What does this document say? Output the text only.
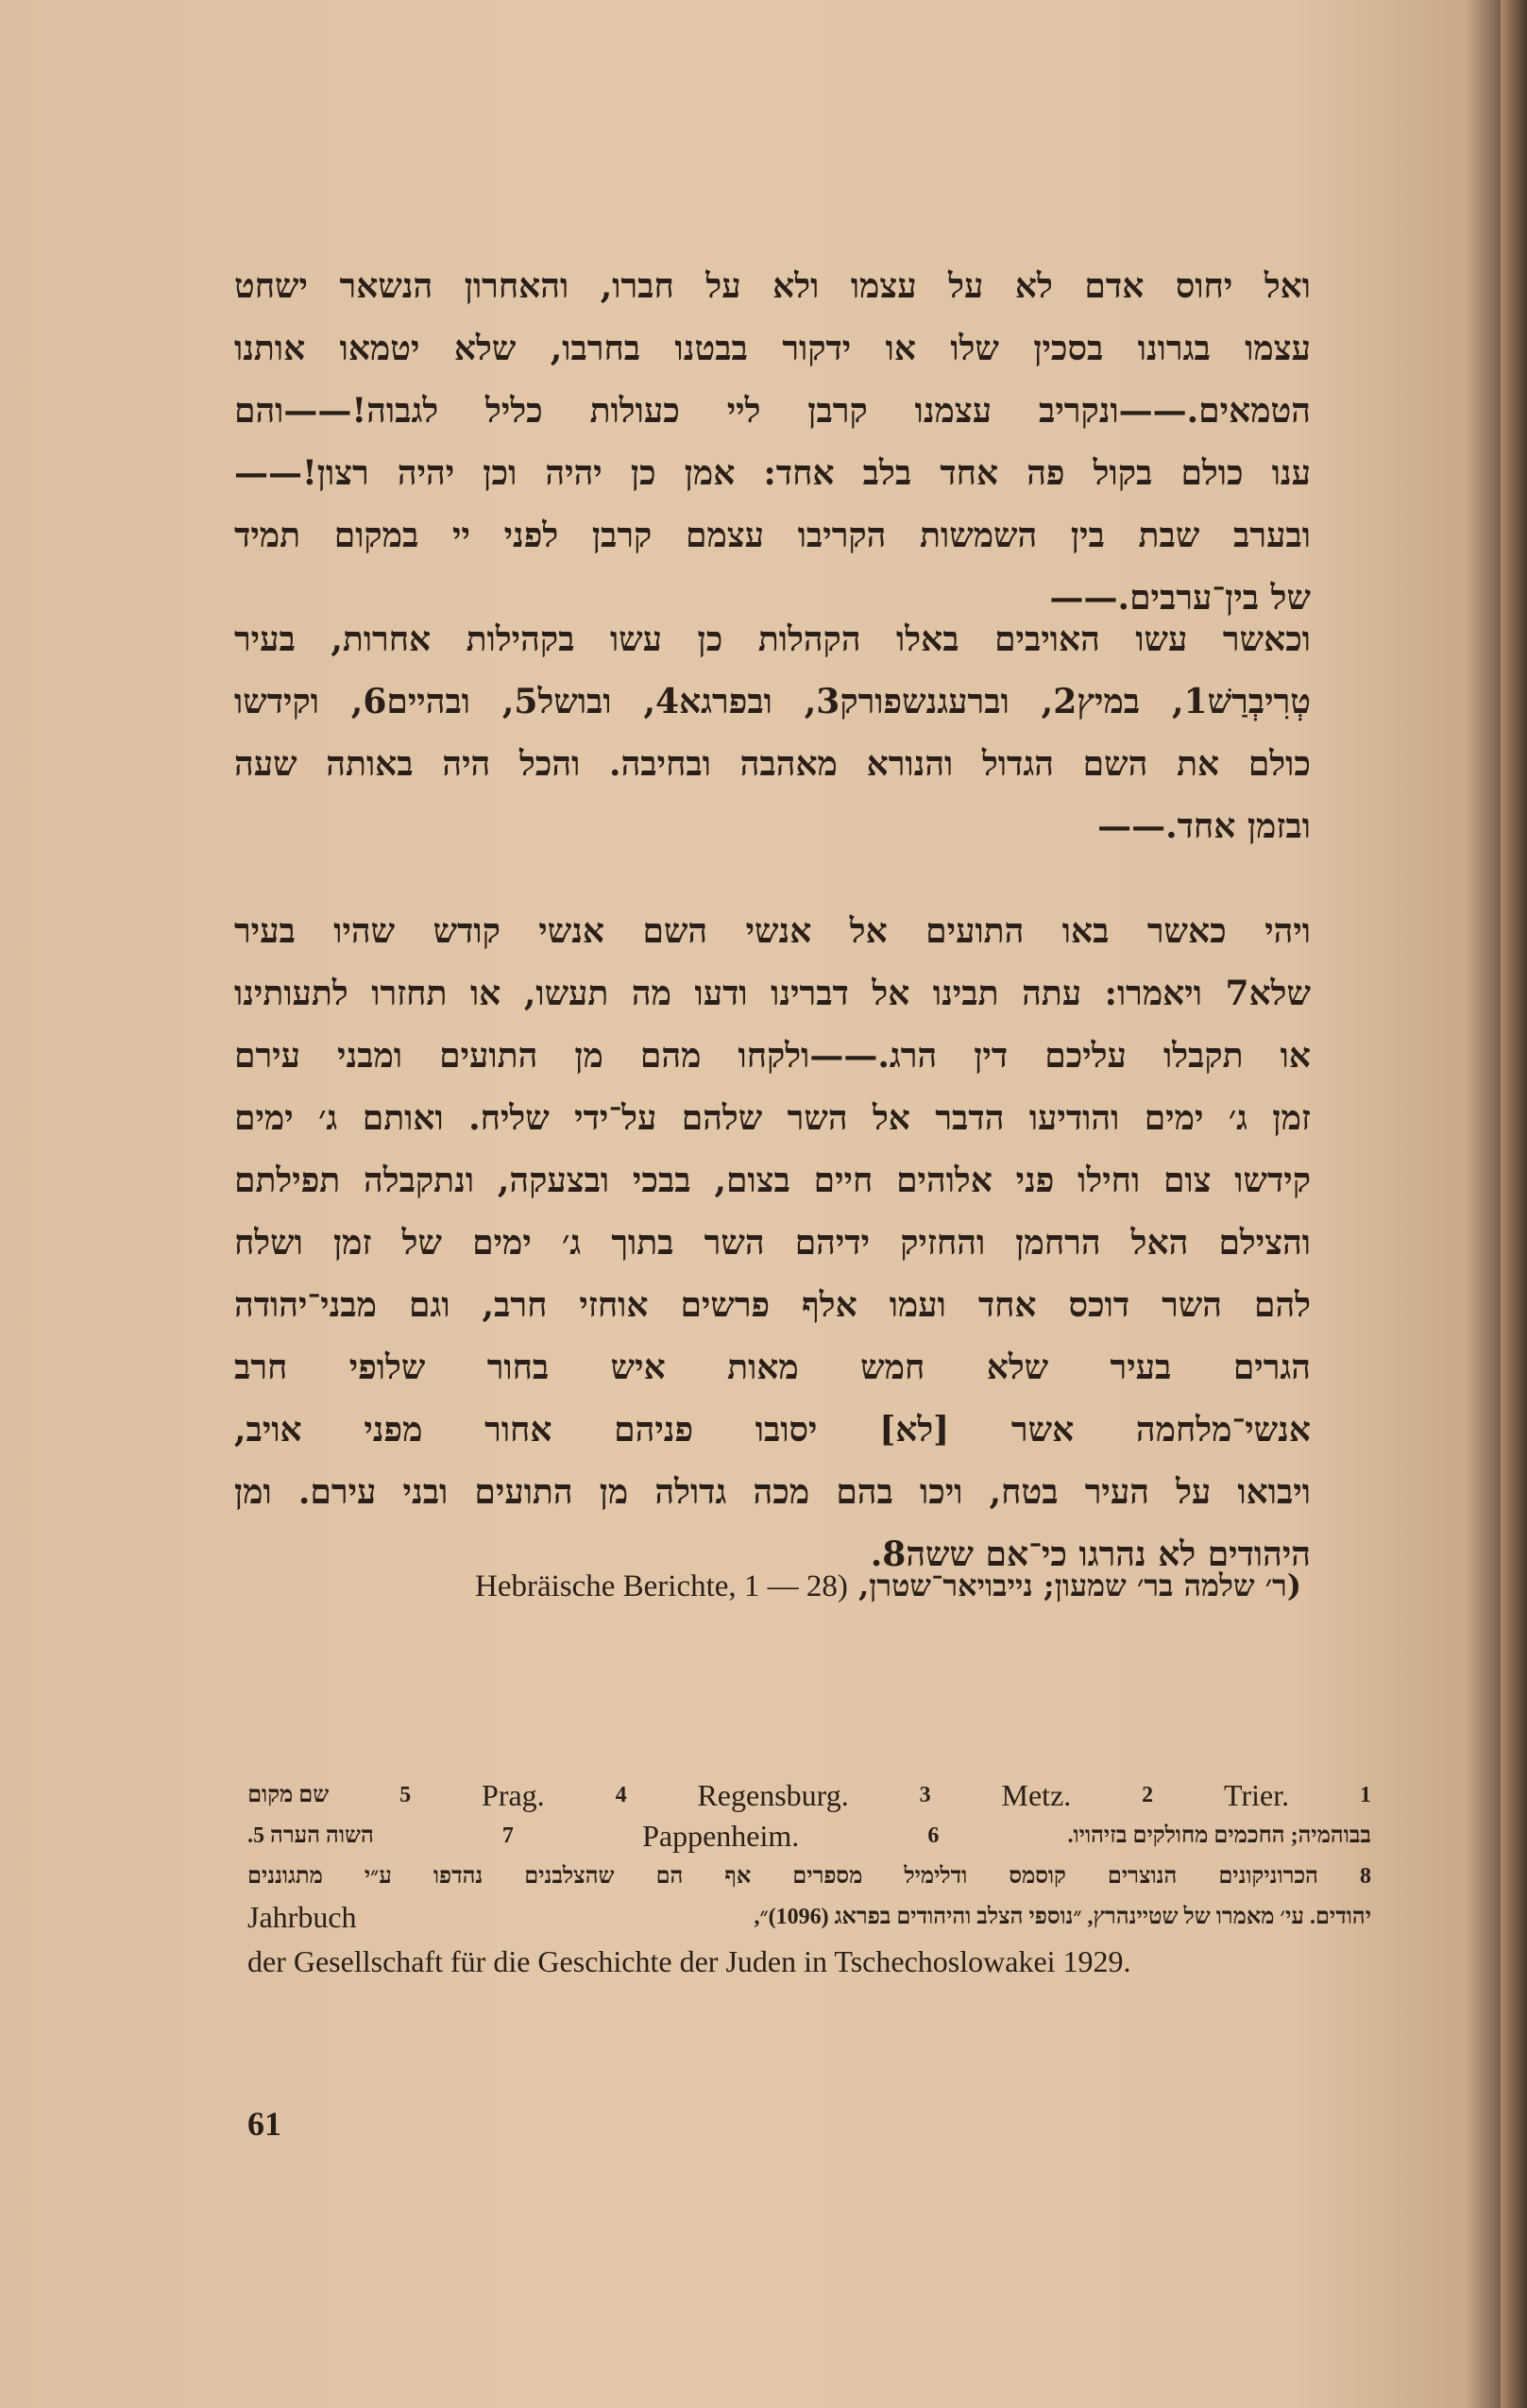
ואל יחוס אדם לא על עצמו ולא על חברו, והאחרון הנשאר ישחט
עצמו בגרונו בסכין שלו או ידקור בבטנו בחרבו, שלא יטמאו אותנו
הטמאים.——ונקריב עצמנו קרבן ליי כעולות כליל לגבוה!——והם
ענו כולם בקול פה אחד בלב אחד: אמן כן יהיה וכן יהיה רצון!——
ובערב שבת בין השמשות הקריבו עצמם קרבן לפני יי במקום תמיד
של בין־ערבים.——
וכאשר עשו האויבים באלו הקהלות כן עשו בקהילות אחרות, בעיר
טְרִיבְרַשׁ1, במיץ2, וברעגנשפורק3, ובפרגא4, ובושל5, ובהיים6, וקידשו
כולם את השם הגדול והנורא מאהבה ובחיבה. והכל היה באותה שעה
ובזמן אחד.——
ויהי כאשר באו התועים אל אנשי השם אנשי קודש שהיו בעיר
שלא7 ויאמרו: עתה תבינו אל דברינו ודעו מה תעשו, או תחזרו לתעותינו
או תקבלו עליכם דין הרג.——ולקחו מהם מן התועים ומבני עירם
זמן ג׳ ימים והודיעו הדבר אל השר שלהם על־ידי שליח. ואותם ג׳ ימים
קידשו צום וחילו פני אלוהים חיים בצום, בבכי ובצעקה, ונתקבלה תפילתם
והצילם האל הרחמן והחזיק ידיהם השר בתוך ג׳ ימים של זמן ושלח
להם השר דוכס אחד ועמו אלף פרשים אוחזי חרב, וגם מבני־יהודה
הגרים בעיר שלא חמש מאות איש בחור שלופי חרב
אנשי־מלחמה אשר [לא] יסובו פניהם אחור מפני אויב,
ויבואו על העיר בטח, ויכו בהם מכה גדולה מן התועים ובני עירם. ומן
היהודים לא נהרגו כי־אם ששה8.
(ר׳ שלמה בר׳ שמעון; נייבויאר־שטרן, Hebräische Berichte, 1 — 28)
1
Trier.
2
Metz.
3
Regensburg.
4
Prag.
5
שם מקום
בבוהמיה; החכמים מחולקים בזיהויו.
6
Pappenheim.
7
השוה הערה 5.
8 הכרוניקונים הנוצרים קוסמס ודלימיל מספרים אף הם שהצלבנים נהדפו ע״י מתגוננים
יהודים. עי׳ מאמרו של שטיינהרץ, ״נוספי הצלב והיהודים בפראג (1096)״,
Jahrbuch
der Gesellschaft für die Geschichte der Juden in Tschechoslowakei 1929.
61
